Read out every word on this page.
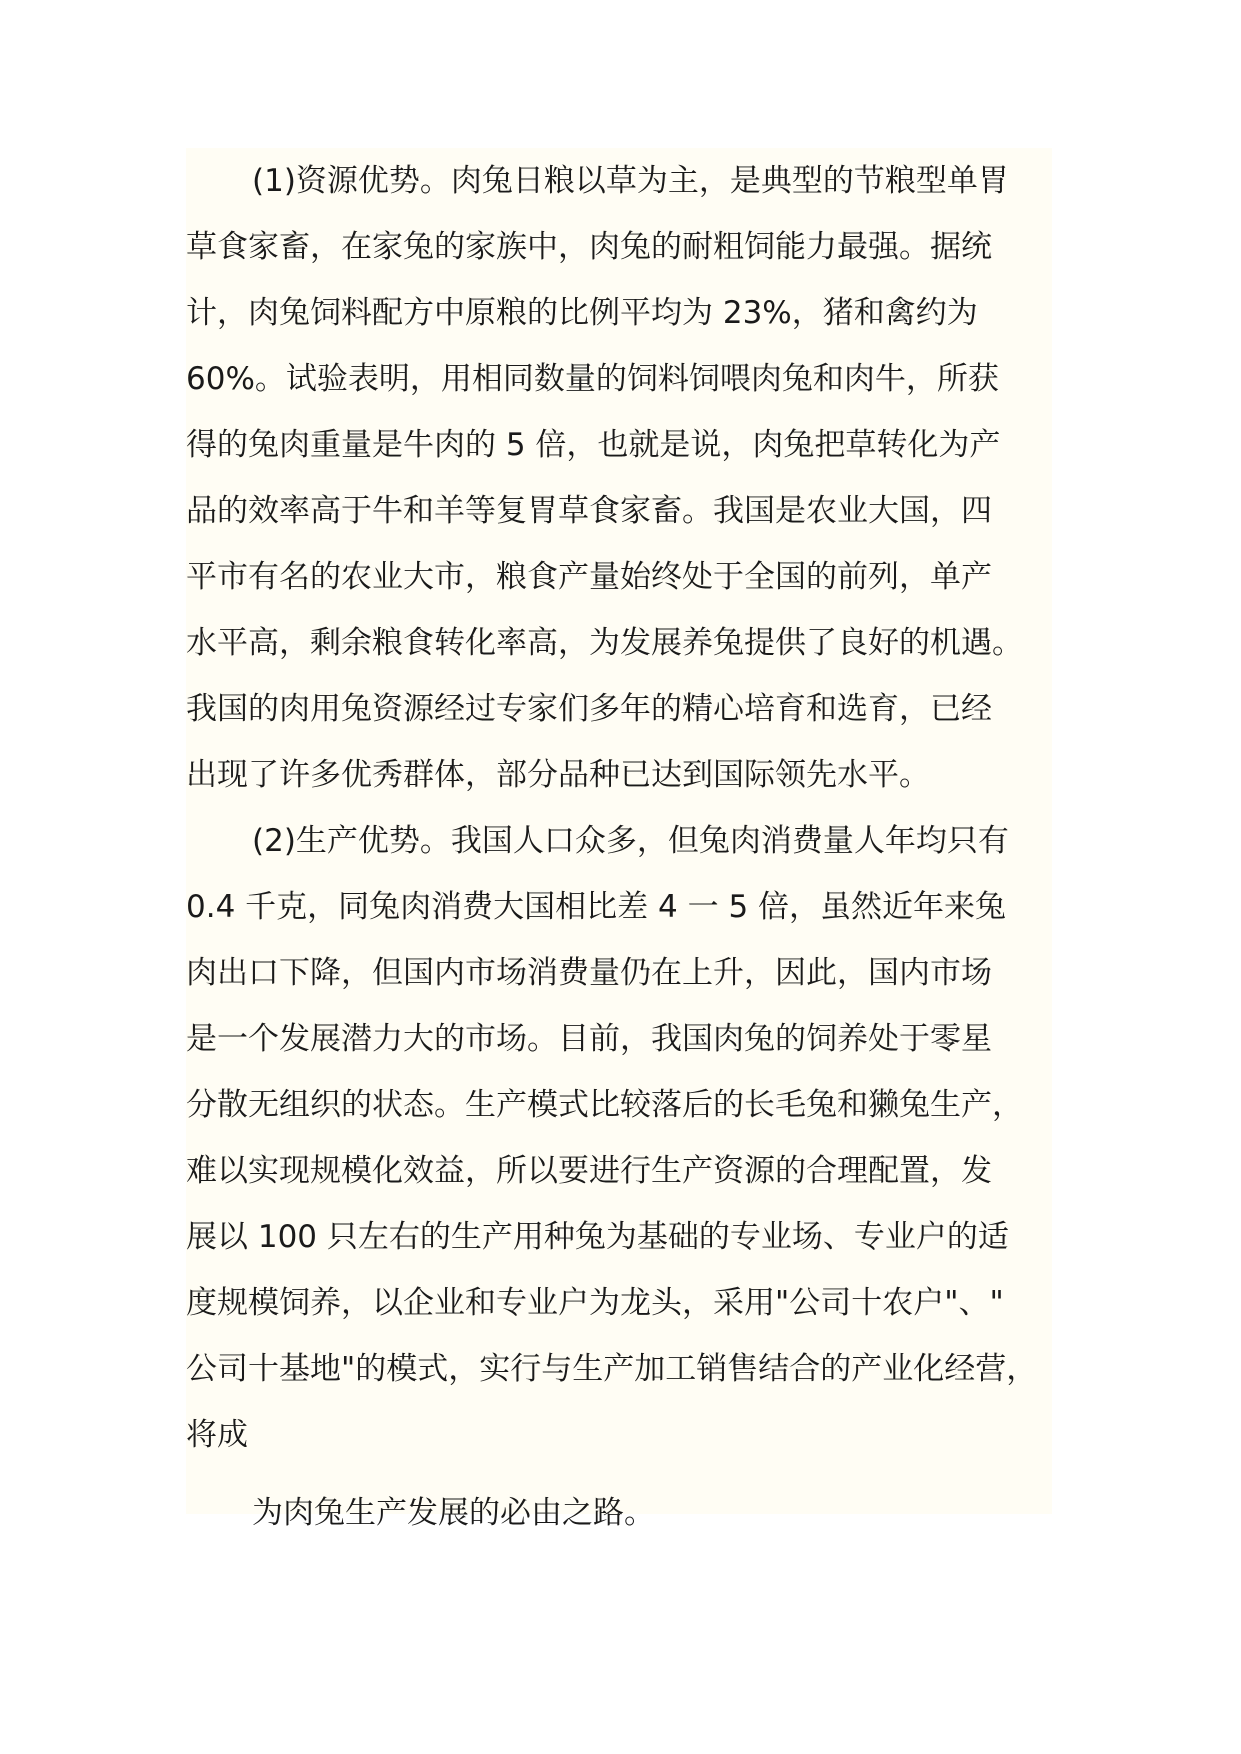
(1)资源优势。肉兔日粮以草为主，是典型的节粮型单胃
草食家畜，在家兔的家族中，肉兔的耐粗饲能力最强。据统
计，肉兔饲料配方中原粮的比例平均为 23%，猪和禽约为
60%。试验表明，用相同数量的饲料饲喂肉兔和肉牛，所获
得的兔肉重量是牛肉的 5 倍，也就是说，肉兔把草转化为产
品的效率高于牛和羊等复胃草食家畜。我国是农业大国，四
平市有名的农业大市，粮食产量始终处于全国的前列，单产
水平高，剩余粮食转化率高，为发展养兔提供了良好的机遇。
我国的肉用兔资源经过专家们多年的精心培育和选育，已经
出现了许多优秀群体，部分品种已达到国际领先水平。
(2)生产优势。我国人口众多，但兔肉消费量人年均只有
0.4 千克，同兔肉消费大国相比差 4 一 5 倍，虽然近年来兔
肉出口下降，但国内市场消费量仍在上升，因此，国内市场
是一个发展潜力大的市场。目前，我国肉兔的饲养处于零星
分散无组织的状态。生产模式比较落后的长毛兔和獭兔生产，
难以实现规模化效益，所以要进行生产资源的合理配置，发
展以 100 只左右的生产用种兔为基础的专业场、专业户的适
度规模饲养，以企业和专业户为龙头，采用"公司十农户"、"
公司十基地"的模式，实行与生产加工销售结合的产业化经营，
将成
为肉兔生产发展的必由之路。
